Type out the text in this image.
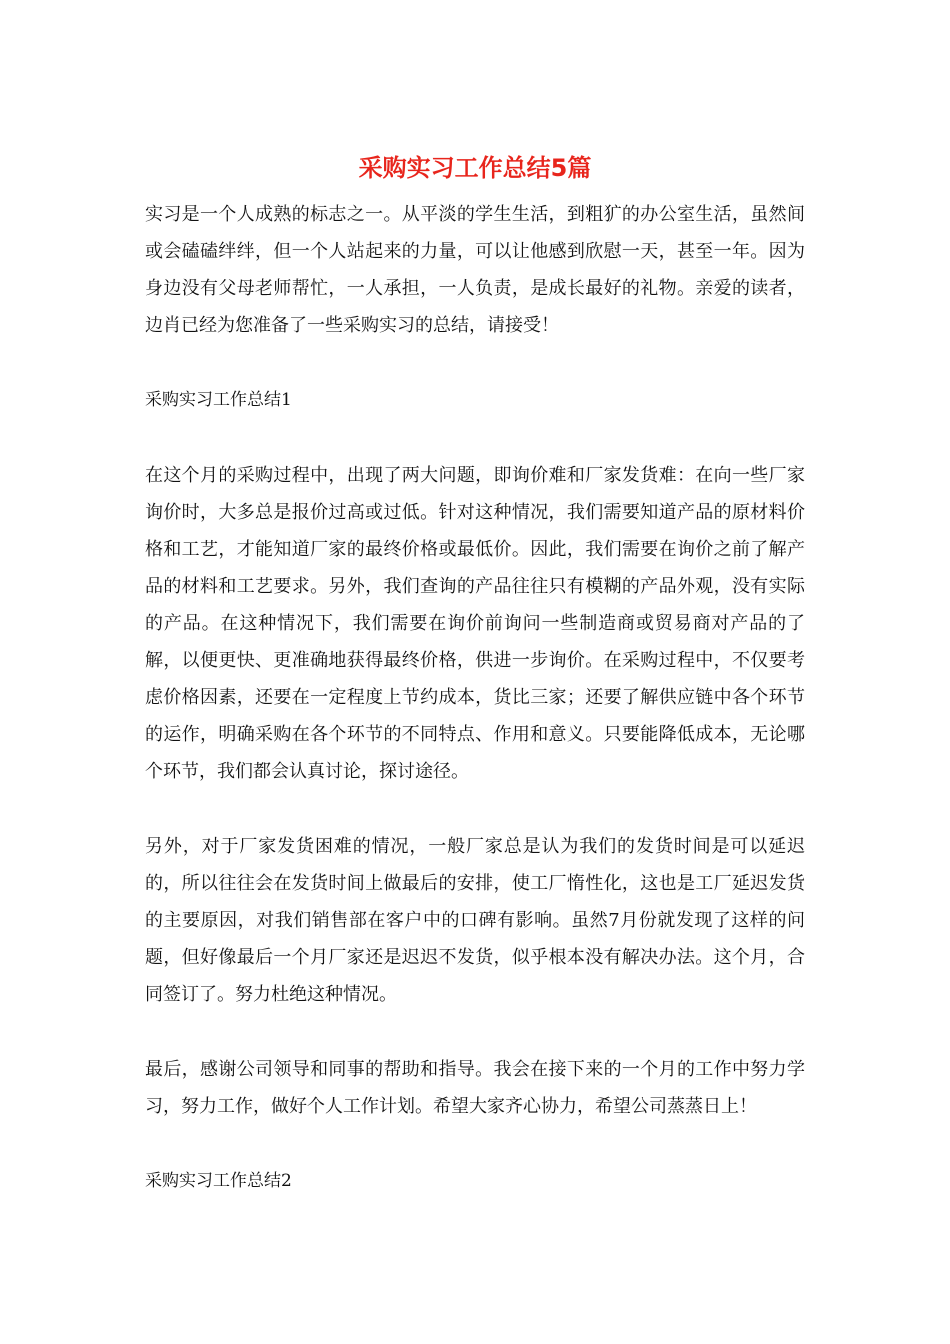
采购实习工作总结5篇

实习是一个人成熟的标志之一。从平淡的学生生活，到粗犷的办公室生活，虽然间或会磕磕绊绊，但一个人站起来的力量，可以让他感到欣慰一天，甚至一年。因为身边没有父母老师帮忙，一人承担，一人负责，是成长最好的礼物。亲爱的读者，边肖已经为您准备了一些采购实习的总结，请接受！

采购实习工作总结1

在这个月的采购过程中，出现了两大问题，即询价难和厂家发货难：在向一些厂家询价时，大多总是报价过高或过低。针对这种情况，我们需要知道产品的原材料价格和工艺，才能知道厂家的最终价格或最低价。因此，我们需要在询价之前了解产品的材料和工艺要求。另外，我们查询的产品往往只有模糊的产品外观，没有实际的产品。在这种情况下，我们需要在询价前询问一些制造商或贸易商对产品的了解，以便更快、更准确地获得最终价格，供进一步询价。在采购过程中，不仅要考虑价格因素，还要在一定程度上节约成本，货比三家；还要了解供应链中各个环节的运作，明确采购在各个环节的不同特点、作用和意义。只要能降低成本，无论哪个环节，我们都会认真讨论，探讨途径。

另外，对于厂家发货困难的情况，一般厂家总是认为我们的发货时间是可以延迟的，所以往往会在发货时间上做最后的安排，使工厂惰性化，这也是工厂延迟发货的主要原因，对我们销售部在客户中的口碑有影响。虽然7月份就发现了这样的问题，但好像最后一个月厂家还是迟迟不发货，似乎根本没有解决办法。这个月，合同签订了。努力杜绝这种情况。

最后，感谢公司领导和同事的帮助和指导。我会在接下来的一个月的工作中努力学习，努力工作，做好个人工作计划。希望大家齐心协力，希望公司蒸蒸日上！

采购实习工作总结2
